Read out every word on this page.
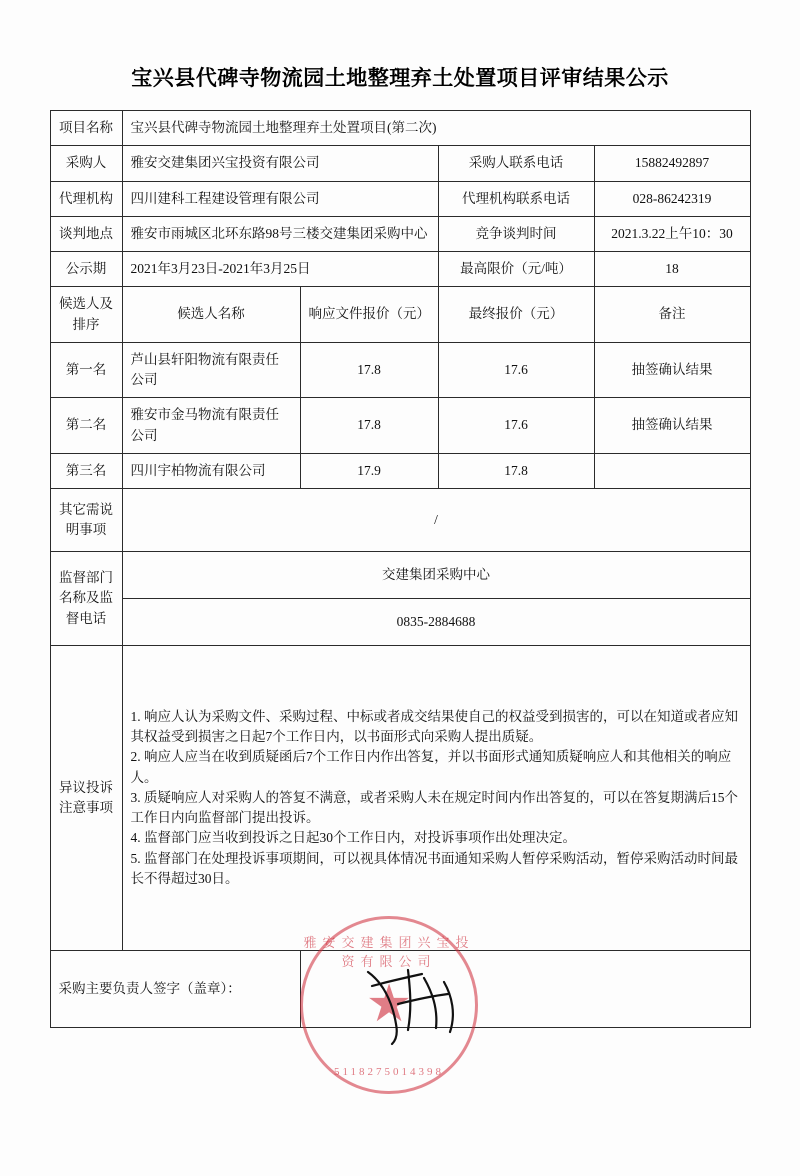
宝兴县代碑寺物流园土地整理弃土处置项目评审结果公示
项目名称	宝兴县代碑寺物流园土地整理弃土处置项目(第二次)			
采购人	雅安交建集团兴宝投资有限公司		采购人联系电话	15882492897
代理机构	四川建科工程建设管理有限公司		代理机构联系电话	028-86242319
谈判地点	雅安市雨城区北环东路98号三楼交建集团采购中心		竞争谈判时间	2021.3.22上午10：30
公示期	2021年3月23日-2021年3月25日		最高限价（元/吨）	18
候选人及排序	候选人名称	响应文件报价（元）	最终报价（元）	备注
第一名	芦山县轩阳物流有限责任公司	17.8	17.6	抽签确认结果
第二名	雅安市金马物流有限责任公司	17.8	17.6	抽签确认结果
第三名	四川宇柏物流有限公司	17.9	17.8	
其它需说明事项	/			
监督部门名称及监督电话	交建集团采购中心			
	0835-2884688			
异议投诉注意事项	1. 响应人认为采购文件、采购过程、中标或者成交结果使自己的权益受到损害的，可以在知道或者应知其权益受到损害之日起7个工作日内，以书面形式向采购人提出质疑。

2. 响应人应当在收到质疑函后7个工作日内作出答复，并以书面形式通知质疑响应人和其他相关的响应人。

3. 质疑响应人对采购人的答复不满意，或者采购人未在规定时间内作出答复的，可以在答复期满后15个工作日内向监督部门提出投诉。

4. 监督部门应当收到投诉之日起30个工作日内，对投诉事项作出处理决定。

5. 监督部门在处理投诉事项期间，可以视具体情况书面通知采购人暂停采购活动，暂停采购活动时间最长不得超过30日。			

采购主要负责人签字（盖章）：				
雅安交建集团兴宝投资有限公司
★
5118275014398
